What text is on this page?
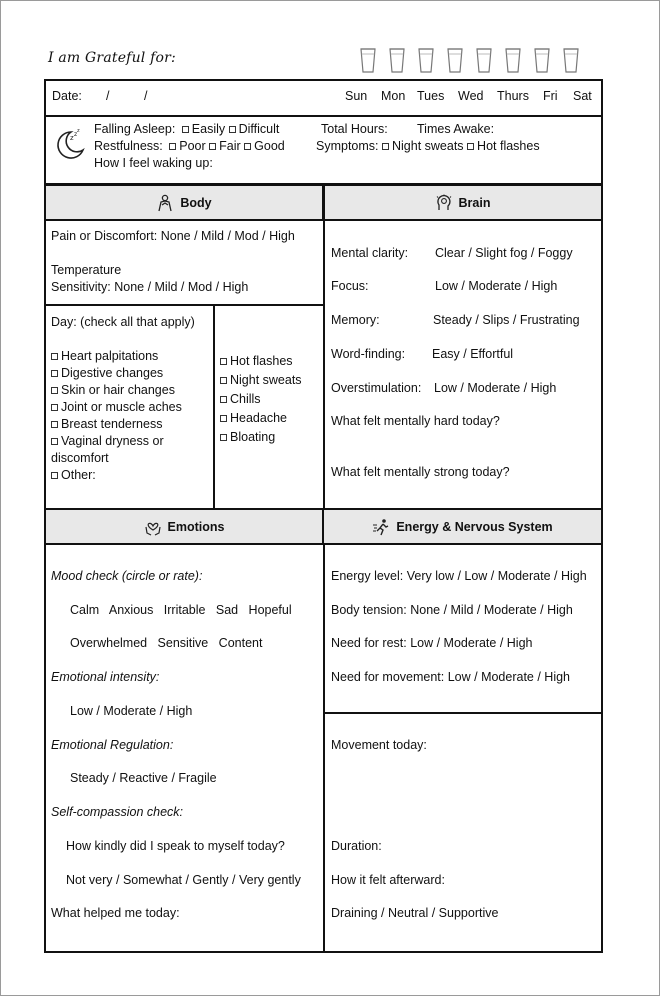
I am Grateful for:
Date: /	/	Sun Mon Tues Wed Thurs Fri Sat
z z z Falling Asleep: Easily Difficult	Total Hours: Times Awake:
Restfulness: Poor Fair Good Symptoms: Night sweats Hot flashes
How I feel waking up:
Body	Brain
Pain or Discomfort: None / Mild / Mod / High
Temperature
Sensitivity: None / Mild / Mod / High
Day: (check all that apply)
Heart palpitations
Digestive changes
Skin or hair changes
Joint or muscle aches
Breast tenderness
Vaginal dryness or
discomfort
Other:
Hot flashes
Night sweats
Chills
Headache
Bloating
Mental clarity: Clear / Slight fog / Foggy
Focus:	Low / Moderate / High
Memory:	Steady / Slips / Frustrating
Word-finding: Easy / Effortful
Overstimulation: Low / Moderate / High
What felt mentally hard today?
What felt mentally strong today?
Emotions	Energy & Nervous System
Mood check (circle or rate):
Calm   Anxious   Irritable   Sad   Hopeful
Overwhelmed   Sensitive   Content
Emotional intensity:
Low / Moderate / High
Emotional Regulation:
Steady / Reactive / Fragile
Self-compassion check:
How kindly did I speak to myself today?
Not very / Somewhat / Gently / Very gently
What helped me today:
Energy level: Very low / Low / Moderate / High
Body tension: None / Mild / Moderate / High
Need for rest: Low / Moderate / High
Need for movement: Low / Moderate / High
Movement today:
Duration:
How it felt afterward:
Draining / Neutral / Supportive
